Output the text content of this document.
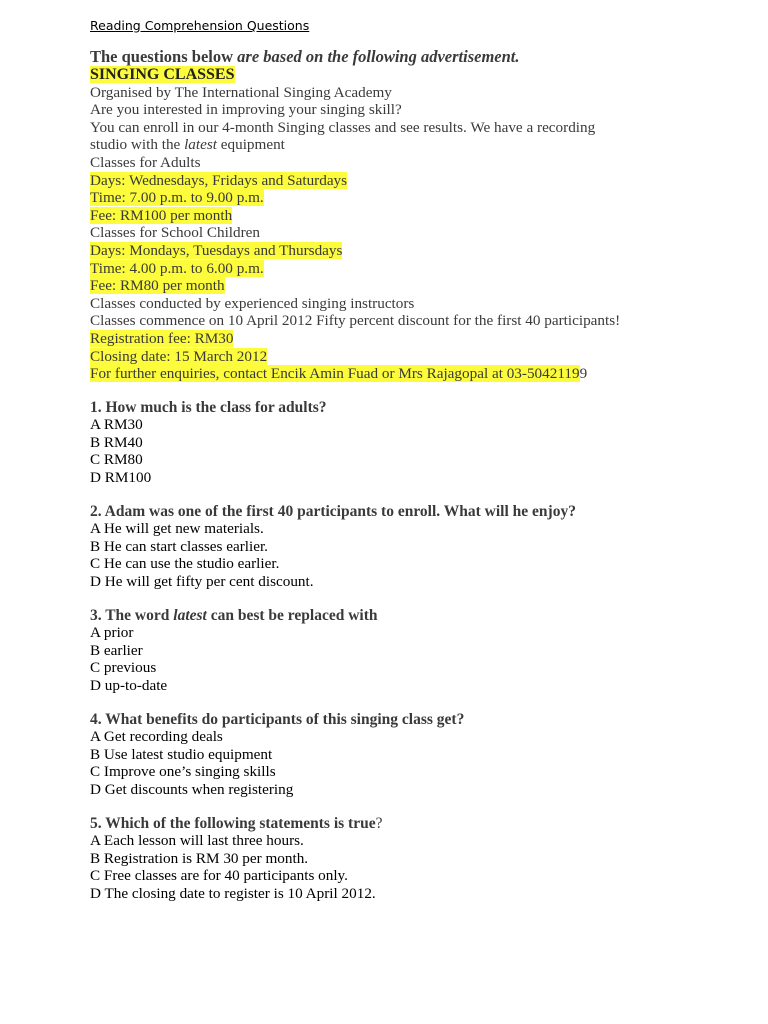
Reading Comprehension Questions
The questions below are based on the following advertisement.
SINGING CLASSES
Organised by The International Singing Academy
Are you interested in improving your singing skill?
You can enroll in our 4-month Singing classes and see results. We have a recording
studio with the latest equipment
Classes for Adults
Days: Wednesdays, Fridays and Saturdays
Time: 7.00 p.m. to 9.00 p.m.
Fee: RM100 per month
Classes for School Children
Days: Mondays, Tuesdays and Thursdays
Time: 4.00 p.m. to 6.00 p.m.
Fee: RM80 per month
Classes conducted by experienced singing instructors
Classes commence on 10 April 2012 Fifty percent discount for the first 40 participants!
Registration fee: RM30
Closing date: 15 March 2012
For further enquiries, contact Encik Amin Fuad or Mrs Rajagopal at 03-50421199
1. How much is the class for adults?
A RM30
B RM40
C RM80
D RM100
2. Adam was one of the first 40 participants to enroll. What will he enjoy?
A He will get new materials.
B He can start classes earlier.
C He can use the studio earlier.
D He will get fifty per cent discount.
3. The word latest can best be replaced with
A prior
B earlier
C previous
D up-to-date
4. What benefits do participants of this singing class get?
A Get recording deals
B Use latest studio equipment
C Improve one’s singing skills
D Get discounts when registering
5. Which of the following statements is true?
A Each lesson will last three hours.
B Registration is RM 30 per month.
C Free classes are for 40 participants only.
D The closing date to register is 10 April 2012.
